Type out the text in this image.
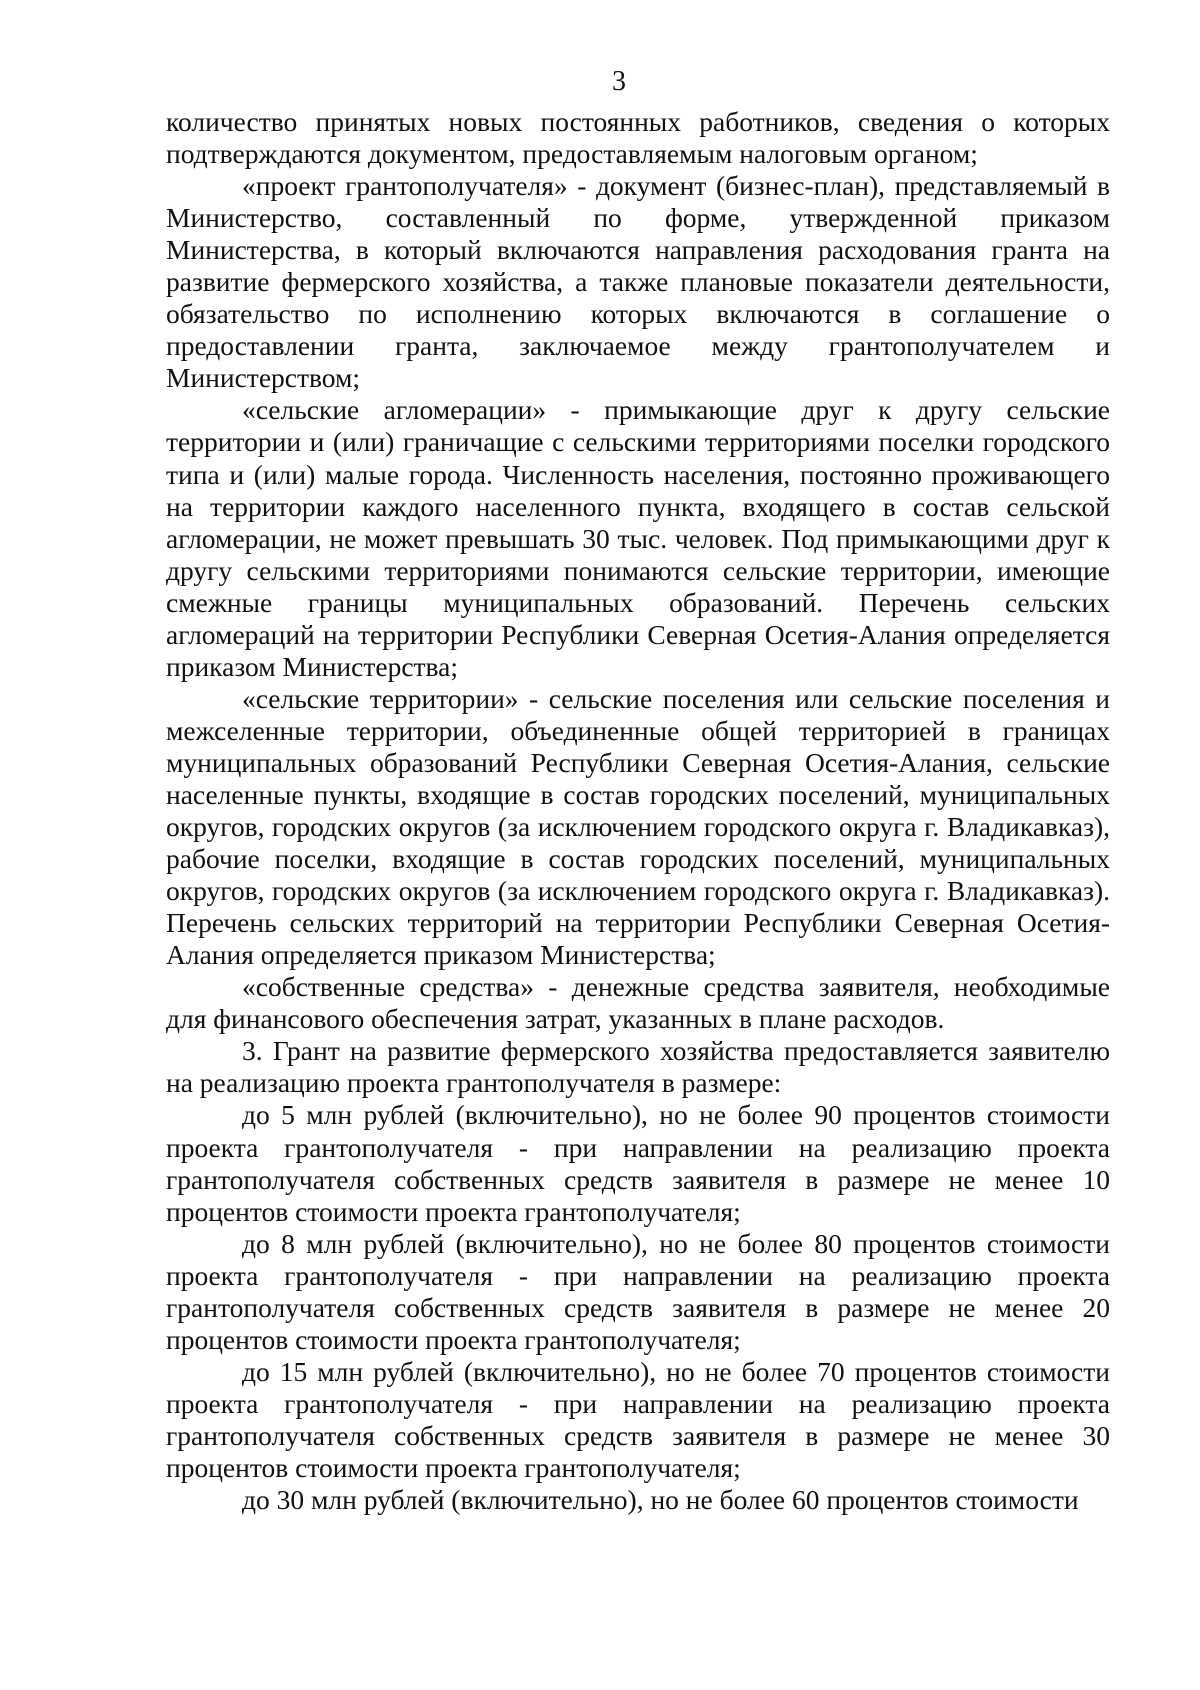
3

количество принятых новых постоянных работников, сведения о которых подтверждаются документом, предоставляемым налоговым органом;

«проект грантополучателя» - документ (бизнес-план), представляемый в Министерство, составленный по форме, утвержденной приказом Министерства, в который включаются направления расходования гранта на развитие фермерского хозяйства, а также плановые показатели деятельности, обязательство по исполнению которых включаются в соглашение о предоставлении гранта, заключаемое между грантополучателем и Министерством;

«сельские агломерации» - примыкающие друг к другу сельские территории и (или) граничащие с сельскими территориями поселки городского типа и (или) малые города. Численность населения, постоянно проживающего на территории каждого населенного пункта, входящего в состав сельской агломерации, не может превышать 30 тыс. человек. Под примыкающими друг к другу сельскими территориями понимаются сельские территории, имеющие смежные границы муниципальных образований. Перечень сельских агломераций на территории Республики Северная Осетия-Алания определяется приказом Министерства;

«сельские территории» - сельские поселения или сельские поселения и межселенные территории, объединенные общей территорией в границах муниципальных образований Республики Северная Осетия-Алания, сельские населенные пункты, входящие в состав городских поселений, муниципальных округов, городских округов (за исключением городского округа г. Владикавказ), рабочие поселки, входящие в состав городских поселений, муниципальных округов, городских округов (за исключением городского округа г. Владикавказ). Перечень сельских территорий на территории Республики Северная Осетия-Алания определяется приказом Министерства;

«собственные средства» - денежные средства заявителя, необходимые для финансового обеспечения затрат, указанных в плане расходов.

3. Грант на развитие фермерского хозяйства предоставляется заявителю на реализацию проекта грантополучателя в размере:

до 5 млн рублей (включительно), но не более 90 процентов стоимости проекта грантополучателя - при направлении на реализацию проекта грантополучателя собственных средств заявителя в размере не менее 10 процентов стоимости проекта грантополучателя;

до 8 млн рублей (включительно), но не более 80 процентов стоимости проекта грантополучателя - при направлении на реализацию проекта грантополучателя собственных средств заявителя в размере не менее 20 процентов стоимости проекта грантополучателя;

до 15 млн рублей (включительно), но не более 70 процентов стоимости проекта грантополучателя - при направлении на реализацию проекта грантополучателя собственных средств заявителя в размере не менее 30 процентов стоимости проекта грантополучателя;

до 30 млн рублей (включительно), но не более 60 процентов стоимости
